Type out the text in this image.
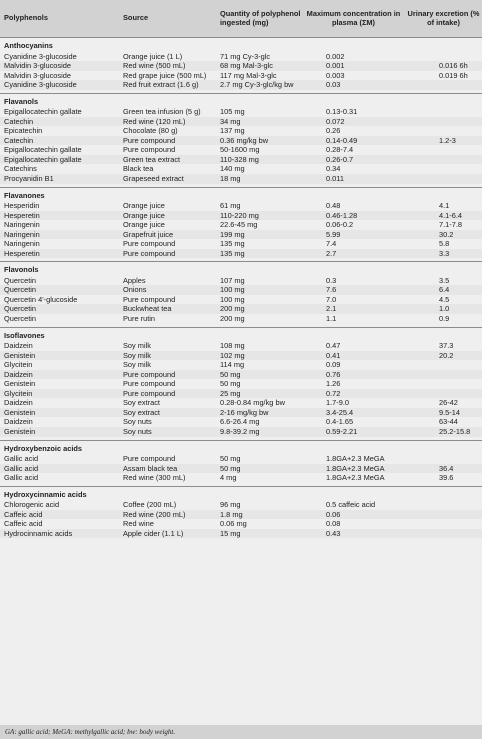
Polyphenols	Source	Quantity of polyphenol ingested (mg)	Maximum concentration in plasma (ΣM)	Urinary excretion (% of intake)
Anthocyanins				
Cyanidine 3-glucoside	Orange juice (1 L)	71 mg Cy-3-glc	0.002	
Malvidin 3-glucoside	Red wine (500 mL)	68 mg Mal-3-glc	0.001	0.016 6h
Malvidin 3-glucoside	Red grape juice (500 mL)	117 mg Mal-3-glc	0.003	0.019 6h
Cyanidine 3-glucoside	Red fruit extract (1.6 g)	2.7 mg Cy-3-glc/kg bw	0.03	

Flavanols				
Epigallocatechin gallate	Green tea infusion (5 g)	105 mg	0.13-0.31	
Catechin	Red wine (120 mL)	34 mg	0.072	
Epicatechin	Chocolate (80 g)	137 mg	0.26	
Catechin	Pure compound	0.36 mg/kg bw	0.14-0.49	1.2-3
Epigallocatechin gallate	Pure compound	50-1600 mg	0.28-7.4	
Epigallocatechin gallate	Green tea extract	110-328 mg	0.26-0.7	
Catechins	Black tea	140 mg	0.34	
Procyanidin B1	Grapeseed extract	18 mg	0.011	

Flavanones				
Hesperidin	Orange juice	61 mg	0.48	4.1
Hesperetin	Orange juice	110-220 mg	0.46-1.28	4.1-6.4
Naringenin	Orange juice	22.6-45 mg	0.06-0.2	7.1-7.8
Naringenin	Grapefruit juice	199 mg	5.99	30.2
Naringenin	Pure compound	135 mg	7.4	5.8
Hesperetin	Pure compound	135 mg	2.7	3.3

Flavonols				
Quercetin	Apples	107 mg	0.3	3.5
Quercetin	Onions	100 mg	7.6	6.4
Quercetin 4'-glucoside	Pure compound	100 mg	7.0	4.5
Quercetin	Buckwheat tea	200 mg	2.1	1.0
Quercetin	Pure rutin	200 mg	1.1	0.9

Isoflavones				
Daidzein	Soy milk	108 mg	0.47	37.3
Genistein	Soy milk	102 mg	0.41	20.2
Glycitein	Soy milk	114 mg	0.09	
Daidzein	Pure compound	50 mg	0.76	
Genistein	Pure compound	50 mg	1.26	
Glycitein	Pure compound	25 mg	0.72	
Daidzein	Soy extract	0.28-0.84 mg/kg bw	1.7-9.0	26-42
Genistein	Soy extract	2-16 mg/kg bw	3.4-25.4	9.5-14
Daidzein	Soy nuts	6.6-26.4 mg	0.4-1.65	63-44
Genistein	Soy nuts	9.8-39.2 mg	0.59-2.21	25.2-15.8

Hydroxybenzoic acids				
Gallic acid	Pure compound	50 mg	1.8GA+2.3 MeGA	
Gallic acid	Assam black tea	50 mg	1.8GA+2.3 MeGA	36.4
Gallic acid	Red wine (300 mL)	4 mg	1.8GA+2.3 MeGA	39.6

Hydroxycinnamic acids				
Chlorogenic acid	Coffee (200 mL)	96 mg	0.5 caffeic acid	
Caffeic acid	Red wine (200 mL)	1.8 mg	0.06	
Caffeic acid	Red wine	0.06 mg	0.08	
Hydrocinnamic acids	Apple cider (1.1 L)	15 mg	0.43	

GA: gallic acid; MeGA: methylgallic acid; bw: body weight.
